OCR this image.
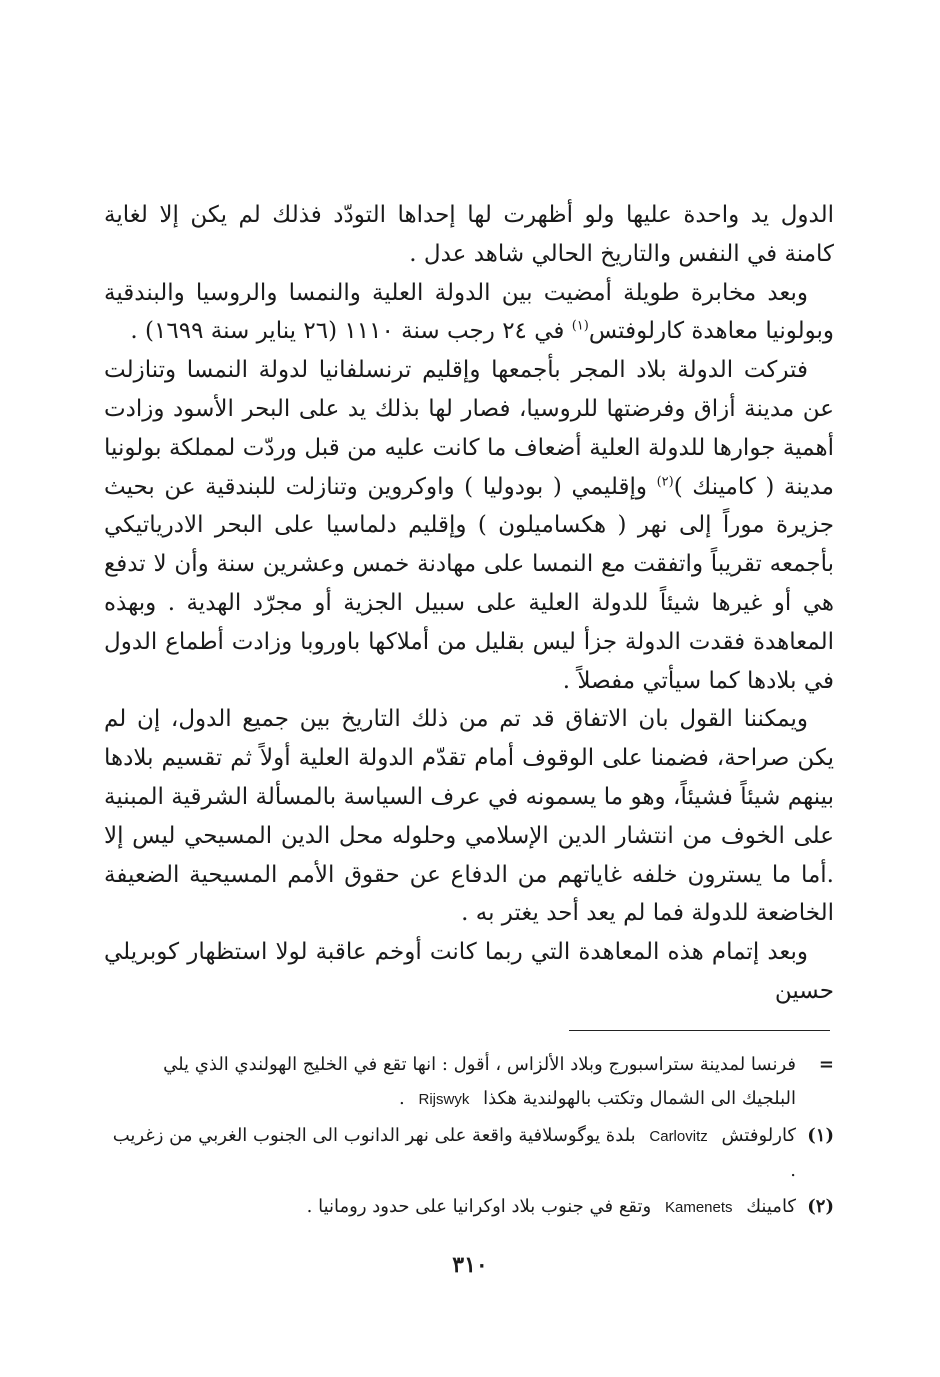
الدول يد واحدة عليها ولو أظهرت لها إحداها التودّد فذلك لم يكن إلا لغاية كامنة في النفس والتاريخ الحالي شاهد عدل .

وبعد مخابرة طويلة أمضيت بين الدولة العلية والنمسا والروسيا والبندقية وبولونيا معاهدة كارلوفتس$^{(١)}$ في ٢٤ رجب سنة ١١١٠ (٢٦ يناير سنة ١٦٩٩) .

فتركت الدولة بلاد المجر بأجمعها وإقليم ترنسلفانيا لدولة النمسا وتنازلت عن مدينة أزاق وفرضتها للروسيا، فصار لها بذلك يد على البحر الأسود وزادت أهمية جوارها للدولة العلية أضعاف ما كانت عليه من قبل وردّت لمملكة بولونيا مدينة ( كامينك )$^{(٢)}$ وإقليمي ( بودوليا ) واوكروين وتنازلت للبندقية عن بحيث جزيرة موراً إلى نهر ( هكساميلون ) وإقليم دلماسيا على البحر الادرياتيكي بأجمعه تقريباً واتفقت مع النمسا على مهادنة خمس وعشرين سنة وأن لا تدفع هي أو غيرها شيئاً للدولة العلية على سبيل الجزية أو مجرّد الهدية . وبهذه المعاهدة فقدت الدولة جزأ ليس بقليل من أملاكها باوروبا وزادت أطماع الدول في بلادها كما سيأتي مفصلاً .

ويمكننا القول بان الاتفاق قد تم من ذلك التاريخ بين جميع الدول، إن لم يكن صراحة، فضمنا على الوقوف أمام تقدّم الدولة العلية أولاً ثم تقسيم بلادها بينهم شيئاً فشيئاً، وهو ما يسمونه في عرف السياسة بالمسألة الشرقية المبنية على الخوف من انتشار الدين الإسلامي وحلوله محل الدين المسيحي ليس إلا .أما ما يسترون خلفه غاياتهم من الدفاع عن حقوق الأمم المسيحية الضعيفة الخاضعة للدولة فما لم يعد أحد يغتر به .

وبعد إتمام هذه المعاهدة التي ربما كانت أوخم عاقبة لولا استظهار كوبريلي حسين

=
فرنسا لمدينة ستراسبورج وبلاد الألزاس ، أقول : انها تقع في الخليج الهولندي الذي يلي البلجيك الى الشمال وتكتب بالهولندية هكذا Rijswyk .
(١)
كارلوفتش Carlovitz بلدة يوگوسلافية واقعة على نهر الدانوب الى الجنوب الغربي من زغريب .
(٢)
كامينك Kamenets وتقع في جنوب بلاد اوكرانيا على حدود رومانيا .
٣١٠
